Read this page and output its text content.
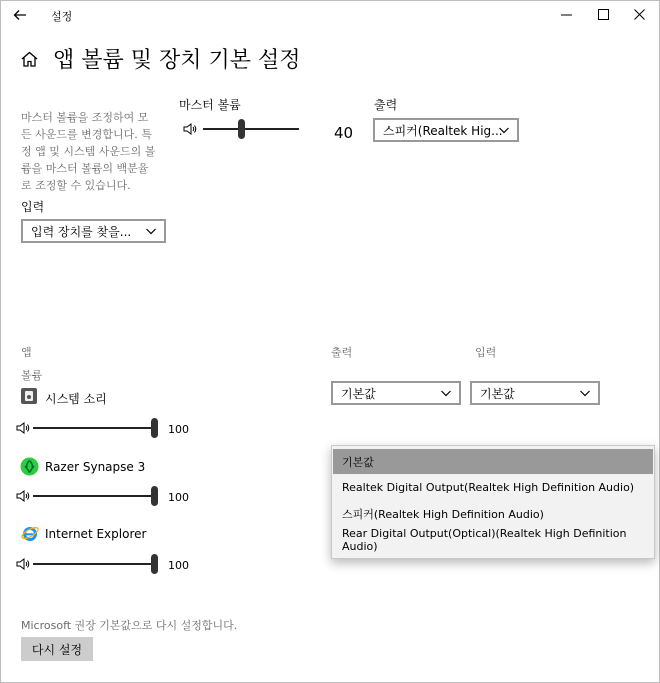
설정
앱 볼륨 및 장치 기본 설정
마스터 볼륨을 조정하여 모
든 사운드를 변경합니다. 특
정 앱 및 시스템 사운드의 볼
륨을 마스터 볼륨의 백분율
로 조정할 수 있습니다.
마스터 볼륨
40
출력
스피커(Realtek Hig...
입력
입력 장치를 찾을...
앱	출력	입력
볼륨
시스템 소리
100
기본값	기본값
Razer Synapse 3
100
Internet Explorer
100
기본값
Realtek Digital Output(Realtek High Definition Audio)
스피커(Realtek High Definition Audio)
Rear Digital Output(Optical)(Realtek High Definition Audio)
Microsoft 권장 기본값으로 다시 설정합니다.
다시 설정
